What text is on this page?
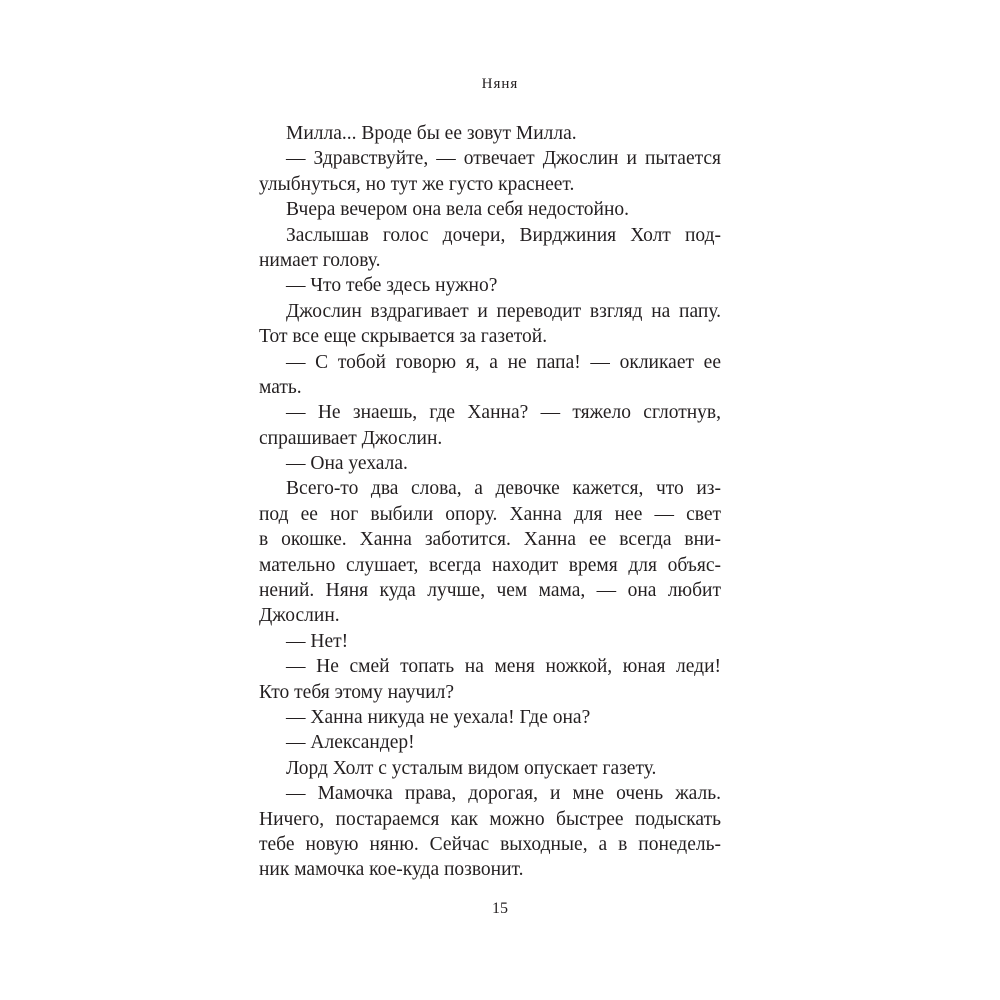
Няня
Милла... Вроде бы ее зовут Милла.
— Здравствуйте, — отвечает Джослин и пытается
улыбнуться, но тут же густо краснеет.
Вчера вечером она вела себя недостойно.
Заслышав голос дочери, Вирджиния Холт под-
нимает голову.
— Что тебе здесь нужно?
Джослин вздрагивает и переводит взгляд на папу.
Тот все еще скрывается за газетой.
— С тобой говорю я, а не папа! — окликает ее
мать.
— Не знаешь, где Ханна? — тяжело сглотнув,
спрашивает Джослин.
— Она уехала.
Всего-то два слова, а девочке кажется, что из-
под ее ног выбили опору. Ханна для нее — свет
в окошке. Ханна заботится. Ханна ее всегда вни-
мательно слушает, всегда находит время для объяс-
нений. Няня куда лучше, чем мама, — она любит
Джослин.
— Нет!
— Не смей топать на меня ножкой, юная леди!
Кто тебя этому научил?
— Ханна никуда не уехала! Где она?
— Александер!
Лорд Холт с усталым видом опускает газету.
— Мамочка права, дорогая, и мне очень жаль.
Ничего, постараемся как можно быстрее подыскать
тебе новую няню. Сейчас выходные, а в понедель-
ник мамочка кое-куда позвонит.
15
